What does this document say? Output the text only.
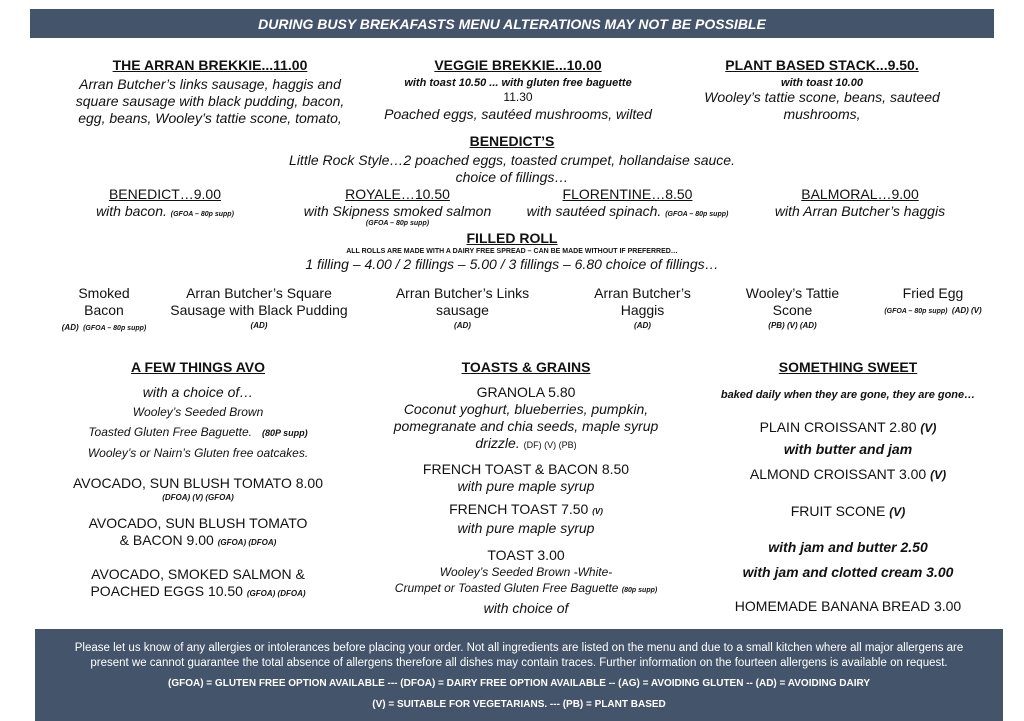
DURING BUSY BREKAFASTS MENU ALTERATIONS MAY NOT BE POSSIBLE
THE ARRAN BREKKIE...11.00
Arran Butcher’s links sausage, haggis and
square sausage with black pudding, bacon,
egg, beans, Wooley’s tattie scone, tomato,
VEGGIE BREKKIE...10.00
with toast 10.50 ... with gluten free baguette
11.30
Poached eggs, sautéed mushrooms, wilted
PLANT BASED STACK...9.50.
with toast 10.00
Wooley’s tattie scone, beans, sauteed
mushrooms,
BENEDICT’S
Little Rock Style…2 poached eggs, toasted crumpet, hollandaise sauce.
choice of fillings…
BENEDICT…9.00
with bacon. (GFOA – 80p supp)
ROYALE…10.50
with Skipness smoked salmon
(GFOA – 80p supp)
FLORENTINE…8.50
with sautéed spinach. (GFOA – 80p supp)
BALMORAL…9.00
with Arran Butcher’s haggis
FILLED ROLL
ALL ROLLS ARE MADE WITH A DAIRY FREE SPREAD – CAN BE MADE WITHOUT IF PREFERRED…
1 filling – 4.00 / 2 fillings – 5.00 / 3 fillings – 6.80 choice of fillings…
Smoked
Bacon
(AD) (GFOA – 80p supp)
Arran Butcher’s Square
Sausage with Black Pudding
(AD)
Arran Butcher’s Links
sausage
(AD)
Arran Butcher’s
Haggis
(AD)
Wooley’s Tattie
Scone
(PB) (V) (AD)
Fried Egg
(GFOA – 80p supp) (AD) (V)
A FEW THINGS AVO
with a choice of…
Wooley’s Seeded Brown
Toasted Gluten Free Baguette. (80P supp)
Wooley’s or Nairn’s Gluten free oatcakes.
AVOCADO, SUN BLUSH TOMATO 8.00
(DFOA) (V) (GFOA)
AVOCADO, SUN BLUSH TOMATO
& BACON 9.00 (GFOA) (DFOA)
AVOCADO, SMOKED SALMON &
POACHED EGGS 10.50 (GFOA) (DFOA)
TOASTS & GRAINS
GRANOLA 5.80
Coconut yoghurt, blueberries, pumpkin,
pomegranate and chia seeds, maple syrup
drizzle. (DF) (V) (PB)
FRENCH TOAST & BACON 8.50
with pure maple syrup
FRENCH TOAST 7.50 (V)
with pure maple syrup
TOAST 3.00
Wooley’s Seeded Brown -White-
Crumpet or Toasted Gluten Free Baguette (80p supp)
with choice of
SOMETHING SWEET
baked daily when they are gone, they are gone…
PLAIN CROISSANT 2.80 (V)
with butter and jam
ALMOND CROISSANT 3.00 (V)
FRUIT SCONE (V)
with jam and butter 2.50
with jam and clotted cream 3.00
HOMEMADE BANANA BREAD 3.00
Please let us know of any allergies or intolerances before placing your order. Not all ingredients are listed on the menu and due to a small kitchen where all major allergens are
present we cannot guarantee the total absence of allergens therefore all dishes may contain traces. Further information on the fourteen allergens is available on request.
(GFOA) = GLUTEN FREE OPTION AVAILABLE --- (DFOA) = DAIRY FREE OPTION AVAILABLE -- (AG) = AVOIDING GLUTEN -- (AD) = AVOIDING DAIRY
(V) = SUITABLE FOR VEGETARIANS. --- (PB) = PLANT BASED
